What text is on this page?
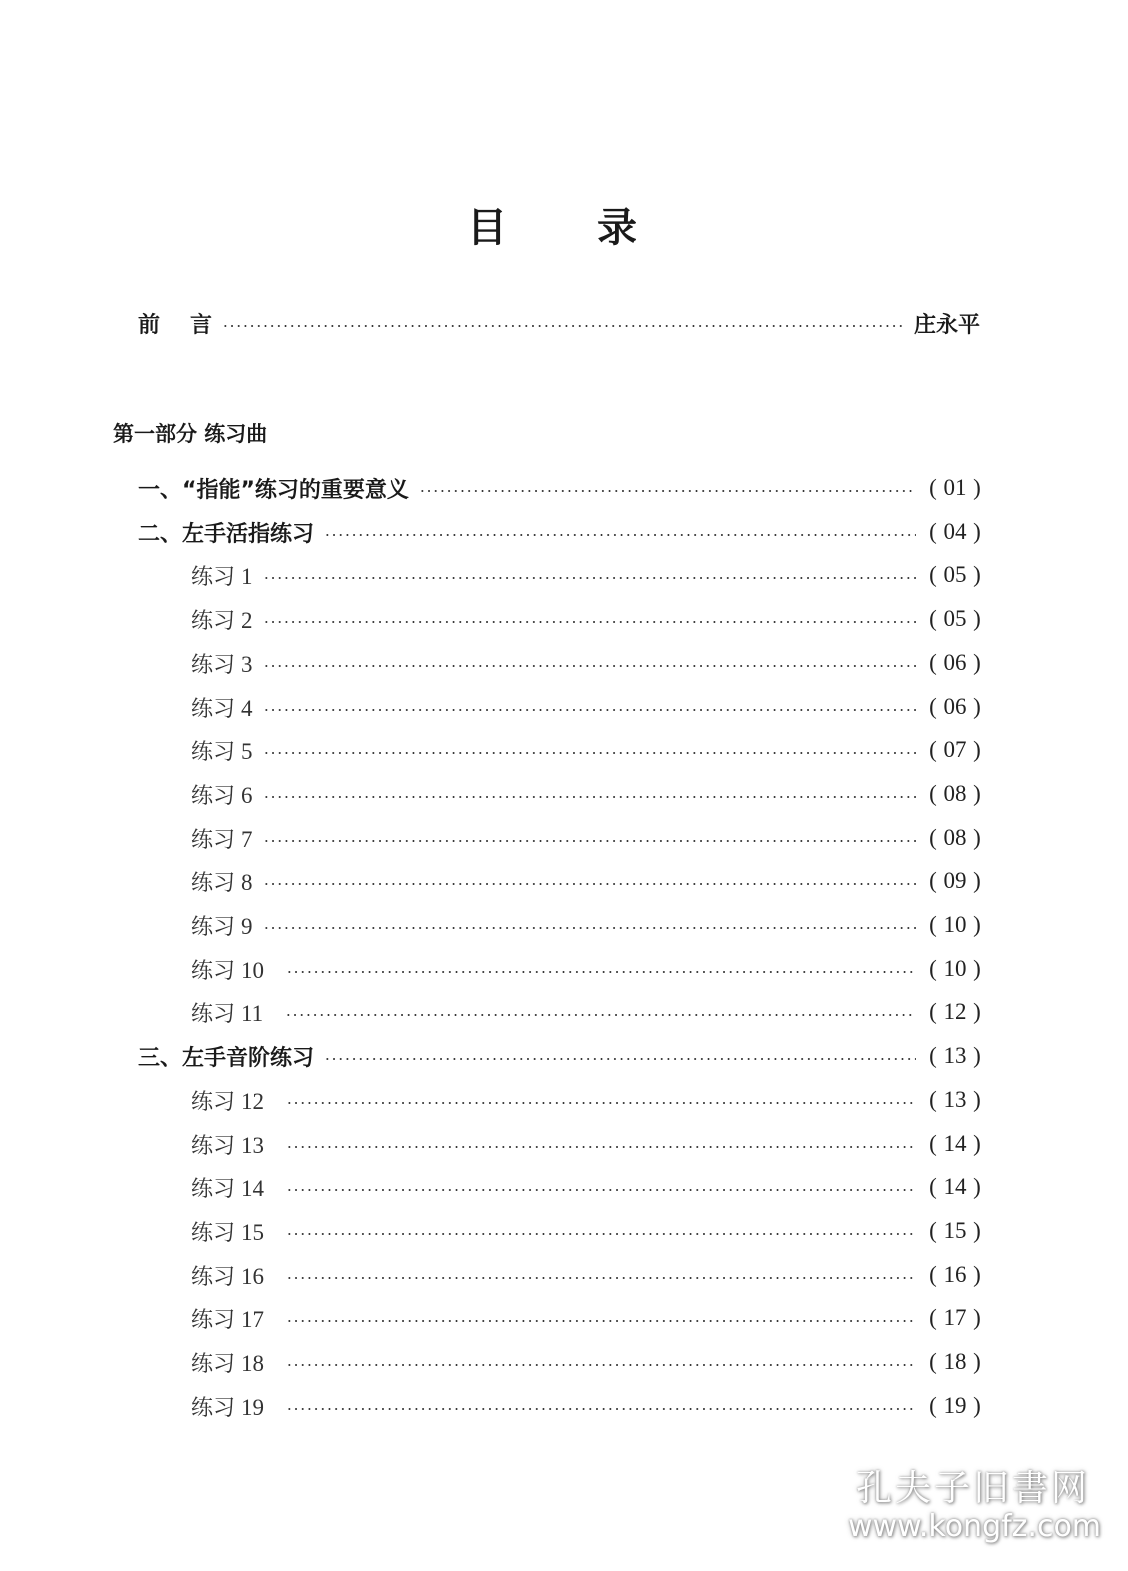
目 录
前 言	庄永平
第一部分 练习曲
一、“指能”练习的重要意义	( 01 )
二、左手活指练习	( 04 )
练习 1	( 05 )
练习 2	( 05 )
练习 3	( 06 )
练习 4	( 06 )
练习 5	( 07 )
练习 6	( 08 )
练习 7	( 08 )
练习 8	( 09 )
练习 9	( 10 )
练习 10	( 10 )
练习 11	( 12 )
三、左手音阶练习	( 13 )
练习 12	( 13 )
练习 13	( 14 )
练习 14	( 14 )
练习 15	( 15 )
练习 16	( 16 )
练习 17	( 17 )
练习 18	( 18 )
练习 19	( 19 )
孔夫子旧書网
www.kongfz.com
